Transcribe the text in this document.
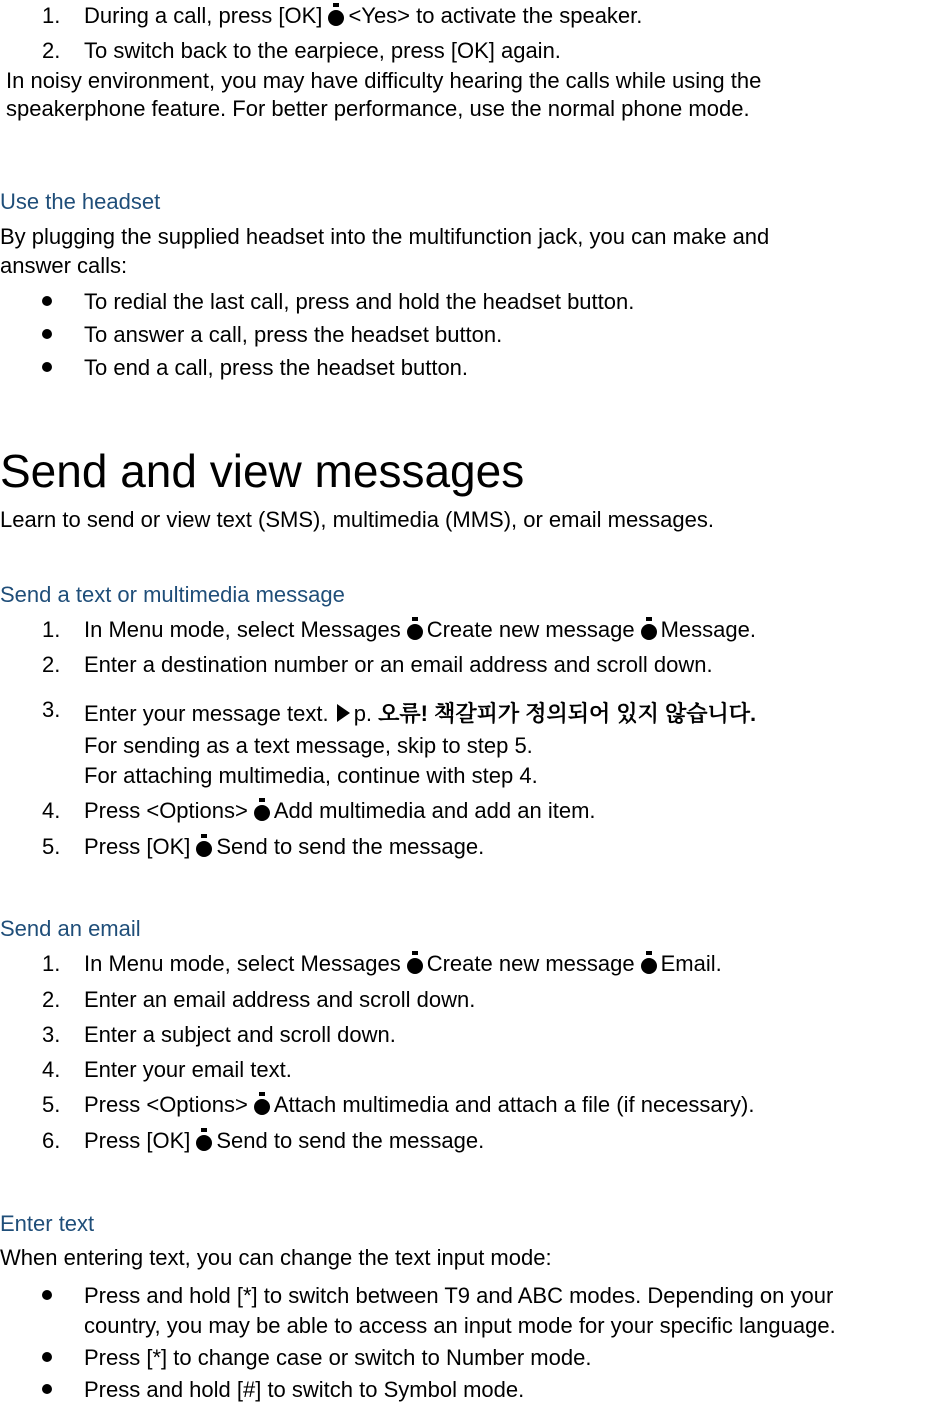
1. During a call, press [OK] <Yes> to activate the speaker.
2. To switch back to the earpiece, press [OK] again.
In noisy environment, you may have difficulty hearing the calls while using the
speakerphone feature. For better performance, use the normal phone mode.
Use the headset
By plugging the supplied headset into the multifunction jack, you can make and
answer calls:
To redial the last call, press and hold the headset button.
To answer a call, press the headset button.
To end a call, press the headset button.
Send and view messages
Learn to send or view text (SMS), multimedia (MMS), or email messages.
Send a text or multimedia message
1. In Menu mode, select Messages Create new message Message.
2. Enter a destination number or an email address and scroll down.
3. Enter your message text. p. 오류! 책갈피가 정의되어 있지 않습니다.
For sending as a text message, skip to step 5.
For attaching multimedia, continue with step 4.
4. Press <Options> Add multimedia and add an item.
5. Press [OK] Send to send the message.
Send an email
1. In Menu mode, select Messages Create new message Email.
2. Enter an email address and scroll down.
3. Enter a subject and scroll down.
4. Enter your email text.
5. Press <Options> Attach multimedia and attach a file (if necessary).
6. Press [OK] Send to send the message.
Enter text
When entering text, you can change the text input mode:
Press and hold [*] to switch between T9 and ABC modes. Depending on your
country, you may be able to access an input mode for your specific language.
Press [*] to change case or switch to Number mode.
Press and hold [#] to switch to Symbol mode.
